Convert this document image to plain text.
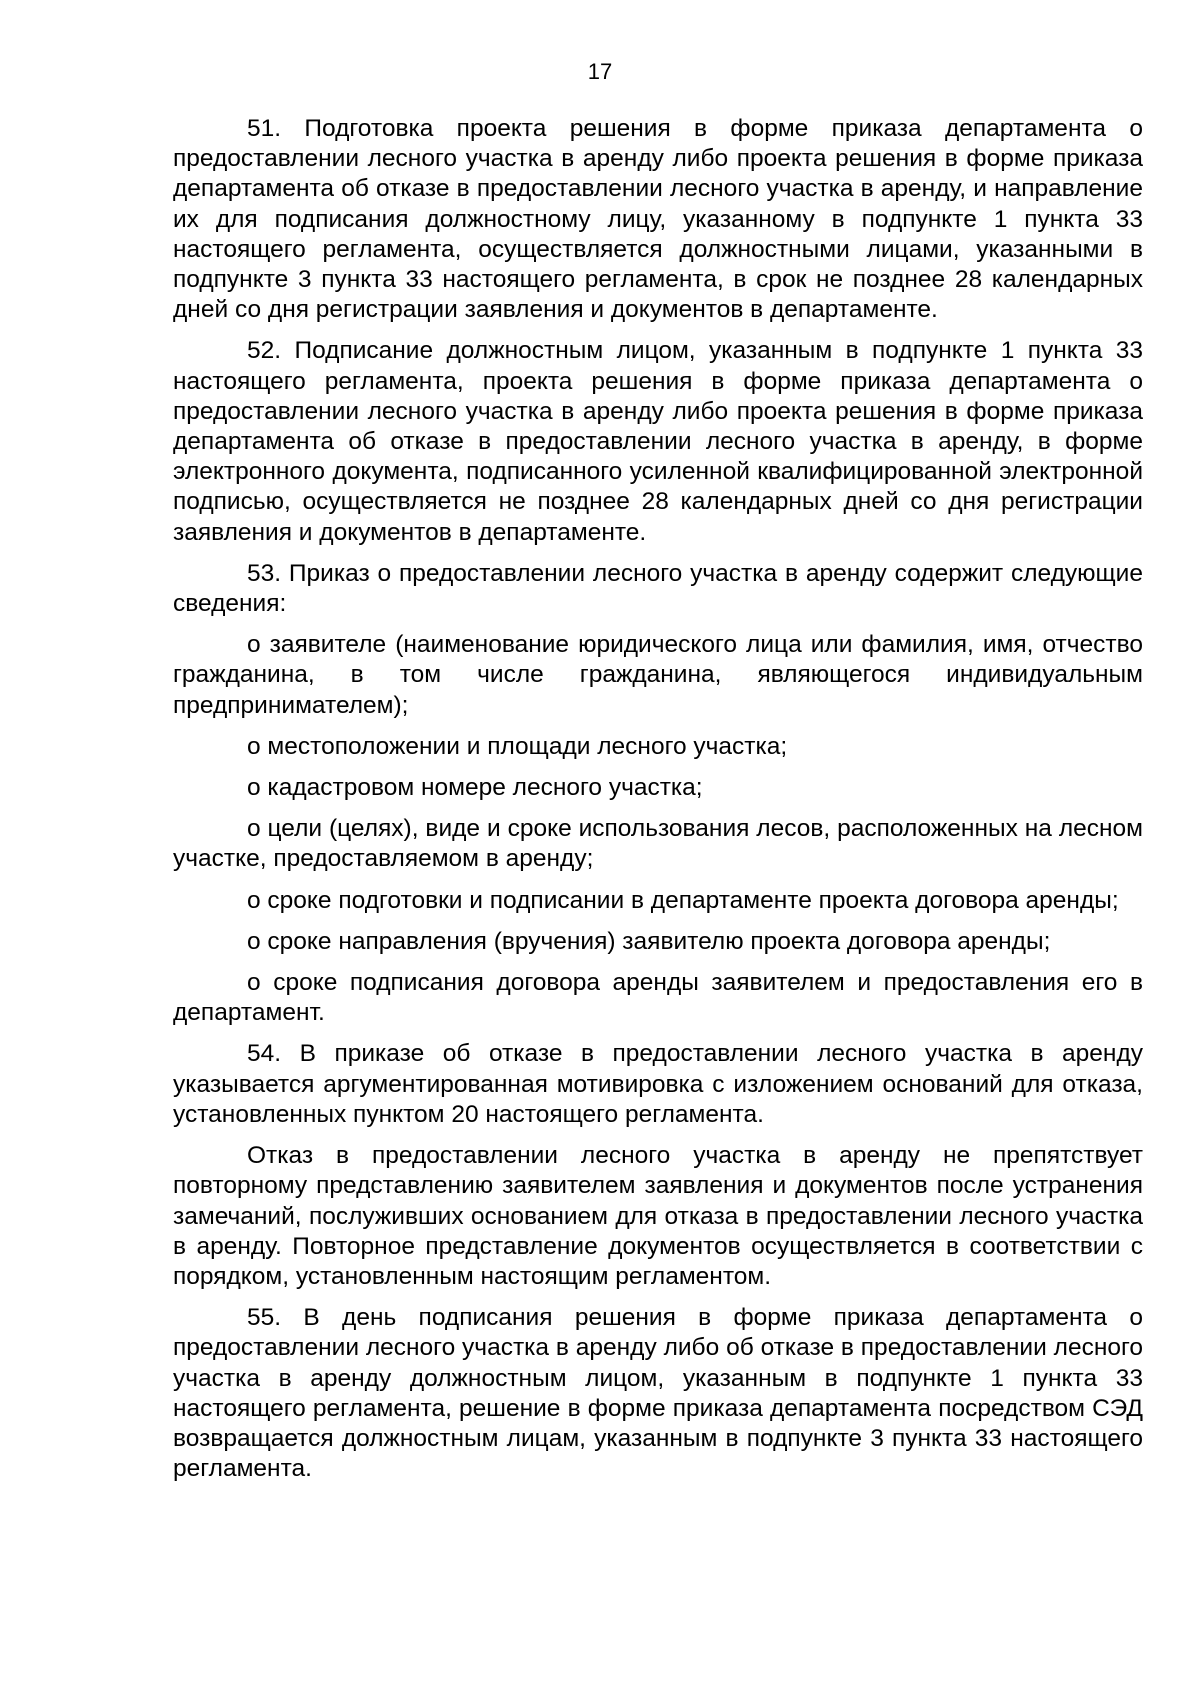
17

51. Подготовка проекта решения в форме приказа департамента о предоставлении лесного участка в аренду либо проекта решения в форме приказа департамента об отказе в предоставлении лесного участка в аренду, и направление их для подписания должностному лицу, указанному в подпункте 1 пункта 33 настоящего регламента, осуществляется должностными лицами, указанными в подпункте 3 пункта 33 настоящего регламента, в срок не позднее 28 календарных дней со дня регистрации заявления и документов в департаменте.

52. Подписание должностным лицом, указанным в подпункте 1 пункта 33 настоящего регламента, проекта решения в форме приказа департамента о предоставлении лесного участка в аренду либо проекта решения в форме приказа департамента об отказе в предоставлении лесного участка в аренду, в форме электронного документа, подписанного усиленной квалифицированной электронной подписью, осуществляется не позднее 28 календарных дней со дня регистрации заявления и документов в департаменте.

53. Приказ о предоставлении лесного участка в аренду содержит следующие сведения:

о заявителе (наименование юридического лица или фамилия, имя, отчество гражданина, в том числе гражданина, являющегося индивидуальным предпринимателем);

о местоположении и площади лесного участка;

о кадастровом номере лесного участка;

о цели (целях), виде и сроке использования лесов, расположенных на лесном участке, предоставляемом в аренду;

о сроке подготовки и подписании в департаменте проекта договора аренды;

о сроке направления (вручения) заявителю проекта договора аренды;

о сроке подписания договора аренды заявителем и предоставления его в департамент.

54. В приказе об отказе в предоставлении лесного участка в аренду указывается аргументированная мотивировка с изложением оснований для отказа, установленных пунктом 20 настоящего регламента.

Отказ в предоставлении лесного участка в аренду не препятствует повторному представлению заявителем заявления и документов после устранения замечаний, послуживших основанием для отказа в предоставлении лесного участка в аренду. Повторное представление документов осуществляется в соответствии с порядком, установленным настоящим регламентом.

55. В день подписания решения в форме приказа департамента о предоставлении лесного участка в аренду либо об отказе в предоставлении лесного участка в аренду должностным лицом, указанным в подпункте 1 пункта 33 настоящего регламента, решение в форме приказа департамента посредством СЭД возвращается должностным лицам, указанным в подпункте 3 пункта 33 настоящего регламента.
